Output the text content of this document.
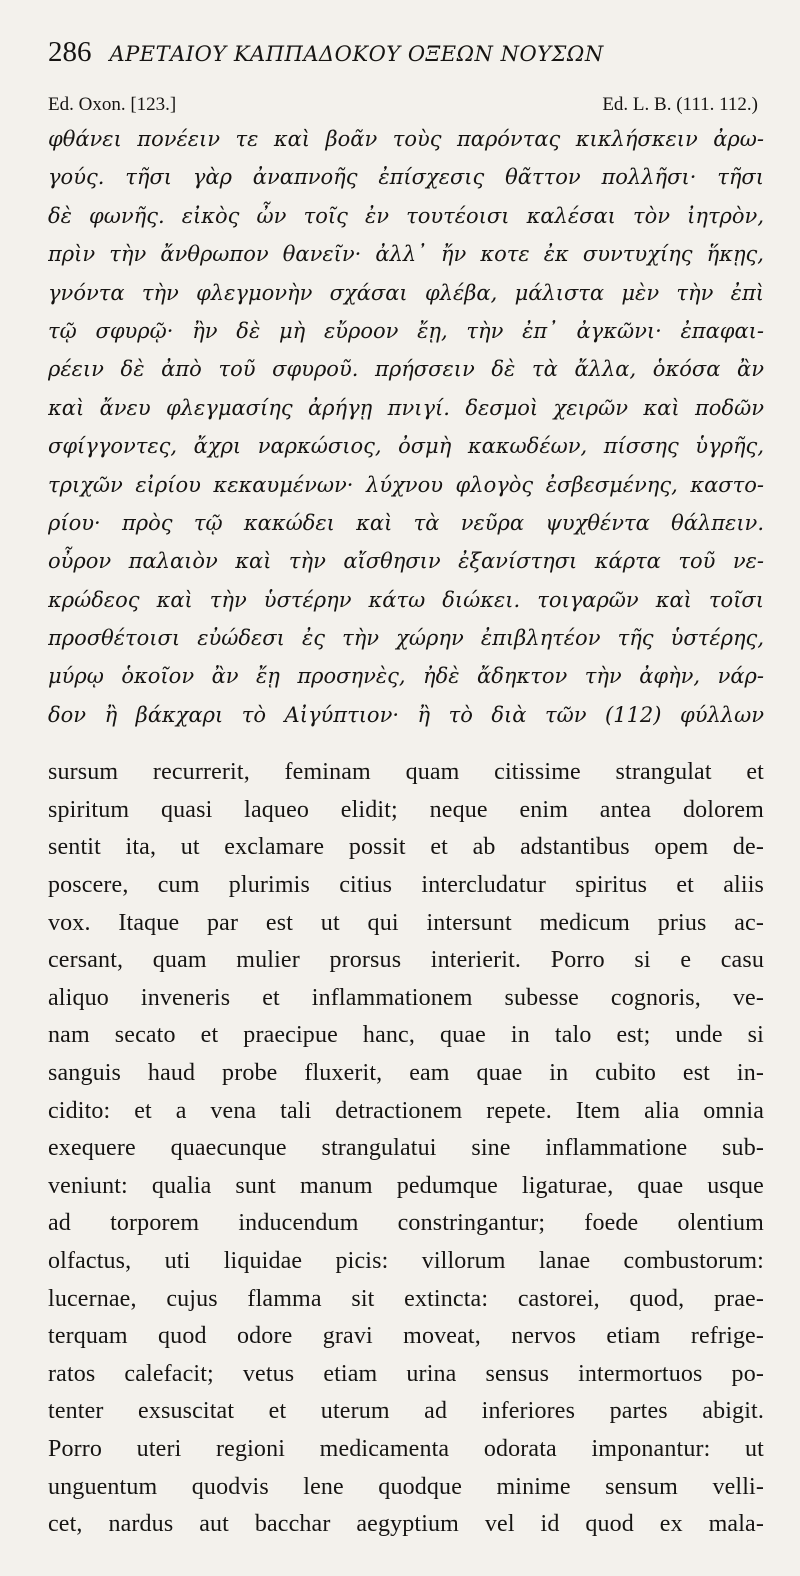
286 ΑΡΕΤΑΙΟΥ ΚΑΠΠΑΔΟΚΟΥ ΟΞΕΩΝ ΝΟΥΣΩΝ
Ed. Oxon. [123.]	Ed. L. B. (111. 112.)
φθάνει πονέειν τε καὶ βοᾶν τοὺς παρόντας κικλήσκειν ἀρω-
γούς. τῆσι γὰρ ἀναπνοῆς ἐπίσχεσις θᾶττον πολλῆσι· τῆσι
δὲ φωνῆς. εἰκὸς ὦν τοῖς ἐν τουτέοισι καλέσαι τὸν ἰητρὸν,
πρὶν τὴν ἄνθρωπον θανεῖν· ἀλλ᾽ ἤν κοτε ἐκ συντυχίης ἥκῃς,
γνόντα τὴν φλεγμονὴν σχάσαι φλέβα, μάλιστα μὲν τὴν ἐπὶ
τῷ σφυρῷ· ἢν δὲ μὴ εὔροον ἔῃ, τὴν ἐπ᾽ ἀγκῶνι· ἐπαφαι-
ρέειν δὲ ἀπὸ τοῦ σφυροῦ. πρήσσειν δὲ τὰ ἄλλα, ὁκόσα ἂν
καὶ ἄνευ φλεγμασίης ἀρήγῃ πνιγί. δεσμοὶ χειρῶν καὶ ποδῶν
σφίγγοντες, ἄχρι ναρκώσιος, ὀσμὴ κακωδέων, πίσσης ὑγρῆς,
τριχῶν εἰρίου κεκαυμένων· λύχνου φλογὸς ἐσβεσμένης, καστο-
ρίου· πρὸς τῷ κακώδει καὶ τὰ νεῦρα ψυχθέντα θάλπειν.
οὖρον παλαιὸν καὶ τὴν αἴσθησιν ἐξανίστησι κάρτα τοῦ νε-
κρώδεος καὶ τὴν ὑστέρην κάτω διώκει. τοιγαρῶν καὶ τοῖσι
προσθέτοισι εὐώδεσι ἐς τὴν χώρην ἐπιβλητέον τῆς ὑστέρης,
μύρῳ ὁκοῖον ἂν ἔῃ προσηνὲς, ἠδὲ ἄδηκτον τὴν ἀφὴν, νάρ-
δον ἢ βάκχαρι τὸ Αἰγύπτιον· ἢ τὸ διὰ τῶν (112) φύλλων
sursum recurrerit, feminam quam citissime strangulat et
spiritum quasi laqueo elidit; neque enim antea dolorem
sentit ita, ut exclamare possit et ab adstantibus opem de-
poscere, cum plurimis citius intercludatur spiritus et aliis
vox. Itaque par est ut qui intersunt medicum prius ac-
cersant, quam mulier prorsus interierit. Porro si e casu
aliquo inveneris et inflammationem subesse cognoris, ve-
nam secato et praecipue hanc, quae in talo est; unde si
sanguis haud probe fluxerit, eam quae in cubito est in-
cidito: et a vena tali detractionem repete. Item alia omnia
exequere quaecunque strangulatui sine inflammatione sub-
veniunt: qualia sunt manum pedumque ligaturae, quae usque
ad torporem inducendum constringantur; foede olentium
olfactus, uti liquidae picis: villorum lanae combustorum:
lucernae, cujus flamma sit extincta: castorei, quod, prae-
terquam quod odore gravi moveat, nervos etiam refrige-
ratos calefacit; vetus etiam urina sensus intermortuos po-
tenter exsuscitat et uterum ad inferiores partes abigit.
Porro uteri regioni medicamenta odorata imponantur: ut
unguentum quodvis lene quodque minime sensum velli-
cet, nardus aut bacchar aegyptium vel id quod ex mala-
